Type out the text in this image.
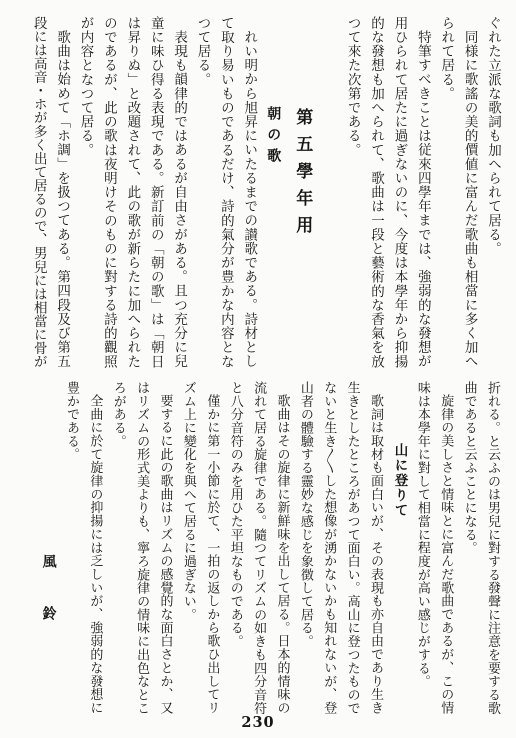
ぐれた立派な歌詞も加へられて居る。
同様に歌謠の美的價値に富んだ歌曲も相當に多く加へ
られて居る。
特筆すべきことは従來四學年までは、強弱的な發想が
用ひられて居たに過ぎないのに、今度は本學年から抑揚
的な發想も加へられて、歌曲は一段と藝術的な香氣を放
つて來た次第である。
第五學年用
朝の歌
れい明から旭昇にいたるまでの讃歌である。詩材とし
て取り易いものであるだけ、詩的氣分が豊かな内容とな
つて居る。
表現も韻律的ではあるが自由さがある。且つ充分に兒
童に味ひ得る表現である。新訂前の「朝の歌」は「朝日
は昇りぬ」と改題されて、此の歌が新らたに加へられた
のであるが、此の歌は夜明けそのものに對する詩的觀照
が内容となつて居る。
歌曲は始めて「ホ調」を扱つてある。第四段及び第五
段には高音・ホが多く出て居るので、男兒には相當に骨が
折れる。と云ふのは男兒に對する發聲に注意を要する歌
曲であると云ふことになる。
旋律の美しさと情味とに富んだ歌曲であるが、この情
味は本學年に對して相當に程度が高い感じがする。
山に登りて
歌詞は取材も面白いが、その表現も亦自由であり生き
生きとしたところがあつて面白い。高山に登つたもので
ないと生き〳〵した想像が湧かないかも知れないが、登
山者の體驗する靈妙な感じを象徴して居る。
歌曲はその旋律に新鮮味を出して居る。日本的情味の
流れて居る旋律である。隨つてリズムの如きも四分音符
と八分音符のみを用ひた平坦なものである。
僅かに第一小節に於て、一拍の返しから歌ひ出してリ
ズム上に變化を與へて居るに過ぎない。
要するに此の歌曲はリズムの感覺的な面白さとか、又
はリズムの形式美よりも、寧ろ旋律の情味に出色なとこ
ろがある。
全曲に於て旋律の抑揚には乏しいが、強弱的な發想に
豊かである。
風鈴
230
